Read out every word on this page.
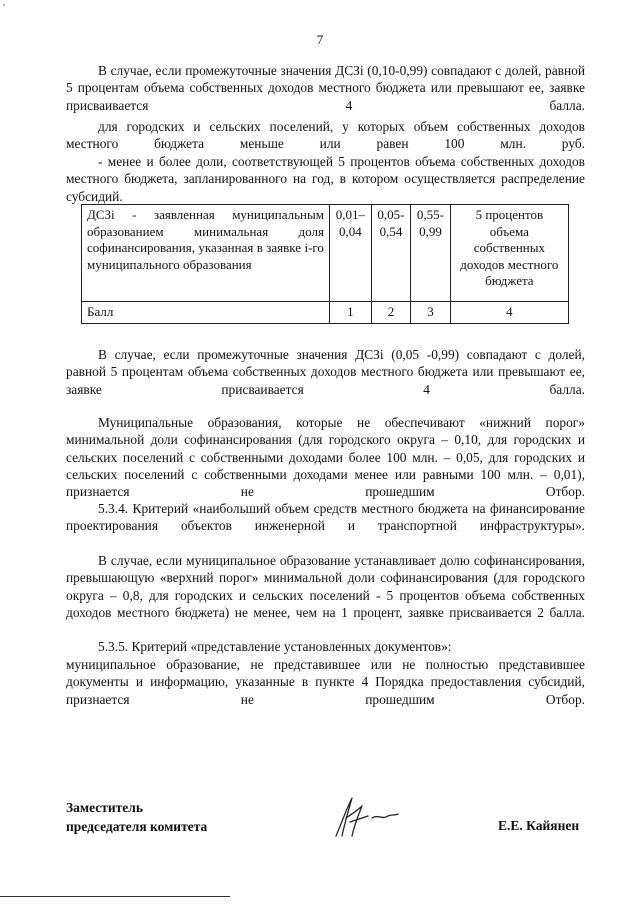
'
7

В случае, если промежуточные значения ДСЗi (0,10-0,99) совпадают с долей, равной 5 процентам объема собственных доходов местного бюджета или превышают ее, заявке присваивается 4 балла.

для городских и сельских поселений, у которых объем собственных доходов местного бюджета меньше или равен 100 млн. руб.

- менее и более доли, соответствующей 5 процентов объема собственных доходов местного бюджета, запланированного на год, в котором осуществляется распределение субсидий.

ДСЗi - заявленная муниципальным образованием минимальная доля софинансирования, указанная в заявке i-го муниципального образования	0,01– 0,04	0,05- 0,54	0,55- 0,99	5 процентов объема собственных доходов местного бюджета
Балл	1	2	3	4

В случае, если промежуточные значения ДСЗi (0,05 -0,99) совпадают с долей, равной 5 процентам объема собственных доходов местного бюджета или превышают ее, заявке присваивается 4 балла.

Муниципальные образования, которые не обеспечивают «нижний порог» минимальной доли софинансирования (для городского округа – 0,10, для городских и сельских поселений с собственными доходами более 100 млн. – 0,05, для городских и сельских поселений с собственными доходами менее или равными 100 млн. – 0,01), признается не прошедшим Отбор.

5.3.4. Критерий «наибольший объем средств местного бюджета на финансирование проектирования объектов инженерной и транспортной инфраструктуры».

В случае, если муниципальное образование устанавливает долю софинансирования, превышающую «верхний порог» минимальной доли софинансирования (для городского округа – 0,8, для городских и сельских поселений - 5 процентов объема собственных доходов местного бюджета) не менее, чем на 1 процент, заявке присваивается 2 балла.

5.3.5. Критерий «представление установленных документов»:

муниципальное образование, не представившее или не полностью представившее документы и информацию, указанные в пункте 4 Порядка предоставления субсидий, признается не прошедшим Отбор.

Заместитель
председателя комитета	Е.Е. Кайянен
